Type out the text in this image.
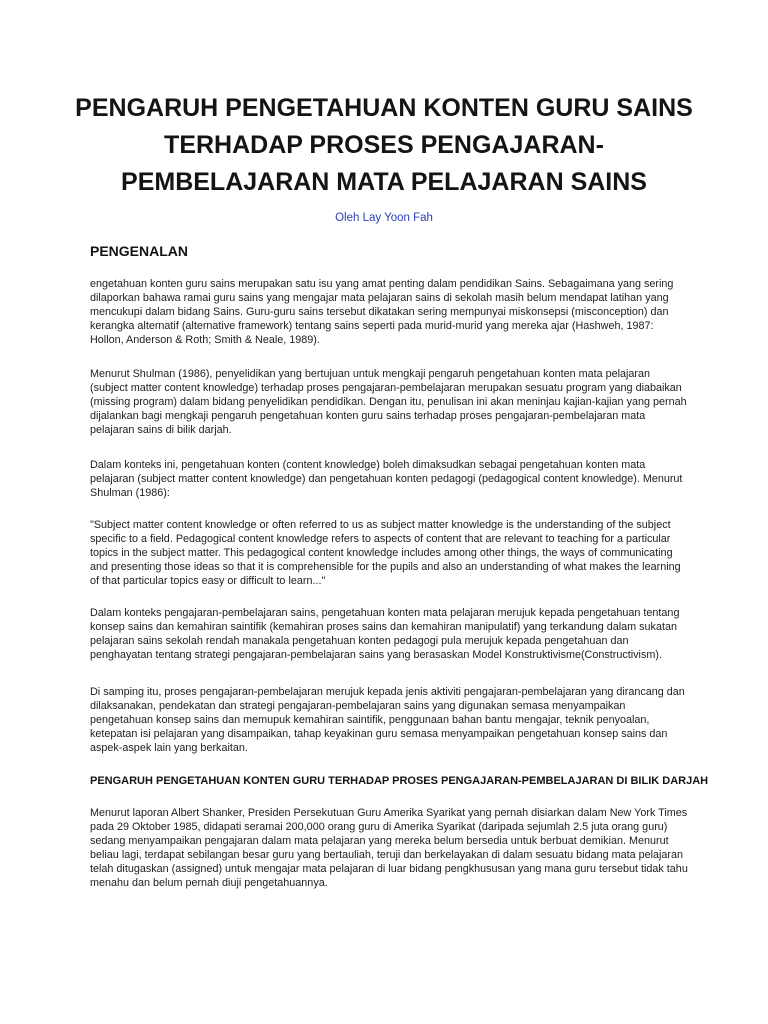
PENGARUH PENGETAHUAN KONTEN GURU SAINS TERHADAP PROSES PENGAJARAN-PEMBELAJARAN MATA PELAJARAN SAINS
Oleh Lay Yoon Fah
PENGENALAN

engetahuan konten guru sains merupakan satu isu yang amat penting dalam pendidikan Sains. Sebagaimana yang sering dilaporkan bahawa ramai guru sains yang mengajar mata pelajaran sains di sekolah masih belum mendapat latihan yang mencukupi dalam bidang Sains. Guru-guru sains tersebut dikatakan sering mempunyai miskonsepsi (misconception) dan kerangka alternatif (alternative framework) tentang sains seperti pada murid-murid yang mereka ajar (Hashweh, 1987: Hollon, Anderson & Roth; Smith & Neale, 1989).

Menurut Shulman (1986), penyelidikan yang bertujuan untuk mengkaji pengaruh pengetahuan konten mata pelajaran (subject matter content knowledge) terhadap proses pengajaran-pembelajaran merupakan sesuatu program yang diabaikan (missing program) dalam bidang penyelidikan pendidikan. Dengan itu, penulisan ini akan meninjau kajian-kajian yang pernah dijalankan bagi mengkaji pengaruh pengetahuan konten guru sains terhadap proses pengajaran-pembelajaran mata pelajaran sains di bilik darjah.

Dalam konteks ini, pengetahuan konten (content knowledge) boleh dimaksudkan sebagai pengetahuan konten mata pelajaran (subject matter content knowledge) dan pengetahuan konten pedagogi (pedagogical content knowledge). Menurut Shulman (1986):

"Subject matter content knowledge or often referred to us as subject matter knowledge is the understanding of the subject specific to a field. Pedagogical content knowledge refers to aspects of content that are relevant to teaching for a particular topics in the subject matter. This pedagogical content knowledge includes among other things, the ways of communicating and presenting those ideas so that it is comprehensible for the pupils and also an understanding of what makes the learning of that particular topics easy or difficult to learn..."

Dalam konteks pengajaran-pembelajaran sains, pengetahuan konten mata pelajaran merujuk kepada pengetahuan tentang konsep sains dan kemahiran saintifik (kemahiran proses sains dan kemahiran manipulatif) yang terkandung dalam sukatan pelajaran sains sekolah rendah manakala pengetahuan konten pedagogi pula merujuk kepada pengetahuan dan penghayatan tentang strategi pengajaran-pembelajaran sains yang berasaskan Model Konstruktivisme(Constructivism).

Di samping itu, proses pengajaran-pembelajaran merujuk kepada jenis aktiviti pengajaran-pembelajaran yang dirancang dan dilaksanakan, pendekatan dan strategi pengajaran-pembelajaran sains yang digunakan semasa menyampaikan pengetahuan konsep sains dan memupuk kemahiran saintifik, penggunaan bahan bantu mengajar, teknik penyoalan, ketepatan isi pelajaran yang disampaikan, tahap keyakinan guru semasa menyampaikan pengetahuan konsep sains dan aspek-aspek lain yang berkaitan.

PENGARUH PENGETAHUAN KONTEN GURU TERHADAP PROSES PENGAJARAN-PEMBELAJARAN DI BILIK DARJAH

Menurut laporan Albert Shanker, Presiden Persekutuan Guru Amerika Syarikat yang pernah disiarkan dalam New York Times pada 29 Oktober 1985, didapati seramai 200,000 orang guru di Amerika Syarikat (daripada sejumlah 2.5 juta orang guru) sedang menyampaikan pengajaran dalam mata pelajaran yang mereka belum bersedia untuk berbuat demikian. Menurut beliau lagi, terdapat sebilangan besar guru yang bertauliah, teruji dan berkelayakan di dalam sesuatu bidang mata pelajaran telah ditugaskan (assigned) untuk mengajar mata pelajaran di luar bidang pengkhususan yang mana guru tersebut tidak tahu menahu dan belum pernah diuji pengetahuannya.
